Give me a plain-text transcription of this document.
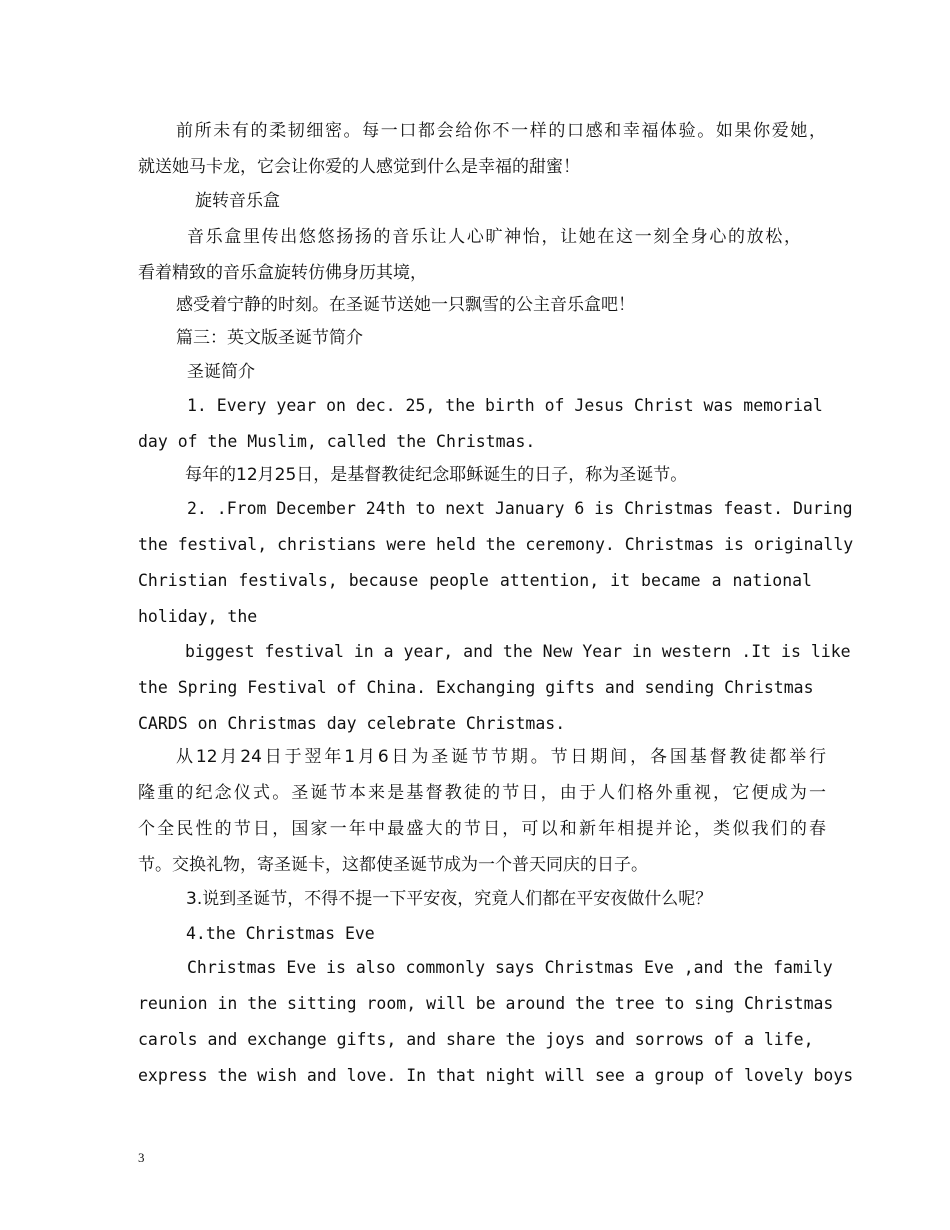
前所未有的柔韧细密。每一口都会给你不一样的口感和幸福体验。如果你爱她，
就送她马卡龙，它会让你爱的人感觉到什么是幸福的甜蜜！
旋转音乐盒
音乐盒里传出悠悠扬扬的音乐让人心旷神怡，让她在这一刻全身心的放松，
看着精致的音乐盒旋转仿佛身历其境，
感受着宁静的时刻。在圣诞节送她一只飘雪的公主音乐盒吧！
篇三：英文版圣诞节简介
圣诞简介
1. Every year on dec. 25, the birth of Jesus Christ was memorial
day of the Muslim, called the Christmas.
每年的12月25日，是基督教徒纪念耶稣诞生的日子，称为圣诞节。
2. .From December 24th to next January 6 is Christmas feast. During
the festival, christians were held the ceremony. Christmas is originally
Christian festivals, because people attention, it became a national
holiday, the
biggest festival in a year, and the New Year in western .It is like
the Spring Festival of China. Exchanging gifts and sending Christmas
CARDS on Christmas day celebrate Christmas.
从12月24日于翌年1月6日为圣诞节节期。节日期间，各国基督教徒都举行
隆重的纪念仪式。圣诞节本来是基督教徒的节日，由于人们格外重视，它便成为一
个全民性的节日，国家一年中最盛大的节日，可以和新年相提并论，类似我们的春
节。交换礼物，寄圣诞卡，这都使圣诞节成为一个普天同庆的日子。
3.说到圣诞节，不得不提一下平安夜，究竟人们都在平安夜做什么呢？
4.the Christmas Eve
Christmas Eve is also commonly says Christmas Eve ,and the family
reunion in the sitting room, will be around the tree to sing Christmas
carols and exchange gifts, and share the joys and sorrows of a life,
express the wish and love. In that night will see a group of lovely boys
3
